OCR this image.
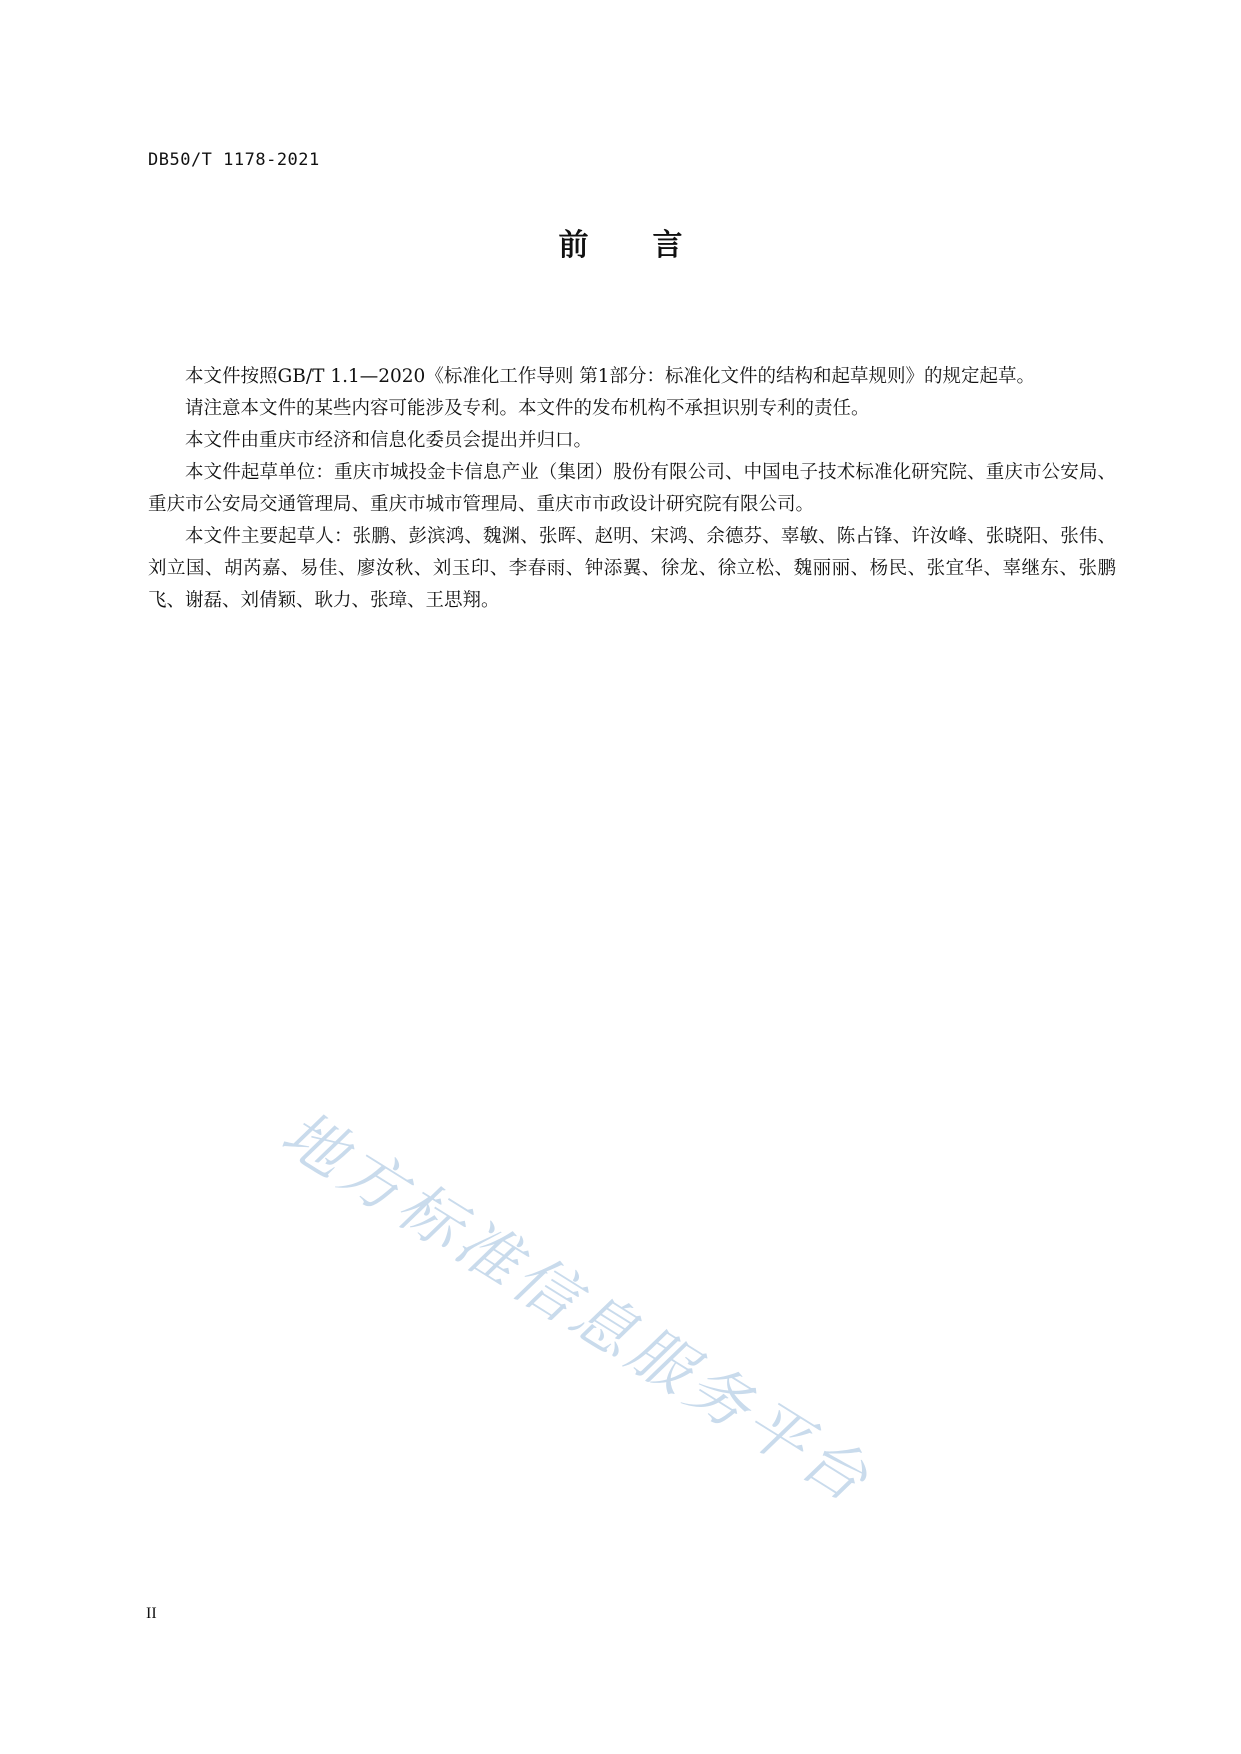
DB50/T 1178-2021
前言

本文件按照GB/T 1.1—2020《标准化工作导则 第1部分：标准化文件的结构和起草规则》的规定起草。

请注意本文件的某些内容可能涉及专利。本文件的发布机构不承担识别专利的责任。

本文件由重庆市经济和信息化委员会提出并归口。

本文件起草单位：重庆市城投金卡信息产业（集团）股份有限公司、中国电子技术标准化研究院、重庆市公安局、重庆市公安局交通管理局、重庆市城市管理局、重庆市市政设计研究院有限公司。

本文件主要起草人：张鹏、彭滨鸿、魏渊、张晖、赵明、宋鸿、余德芬、辜敏、陈占锋、许汝峰、张晓阳、张伟、刘立国、胡芮嘉、易佳、廖汝秋、刘玉印、李春雨、钟添翼、徐龙、徐立松、魏丽丽、杨民、张宜华、辜继东、张鹏飞、谢磊、刘倩颖、耿力、张璋、王思翔。

地方标准信息服务平台
II
